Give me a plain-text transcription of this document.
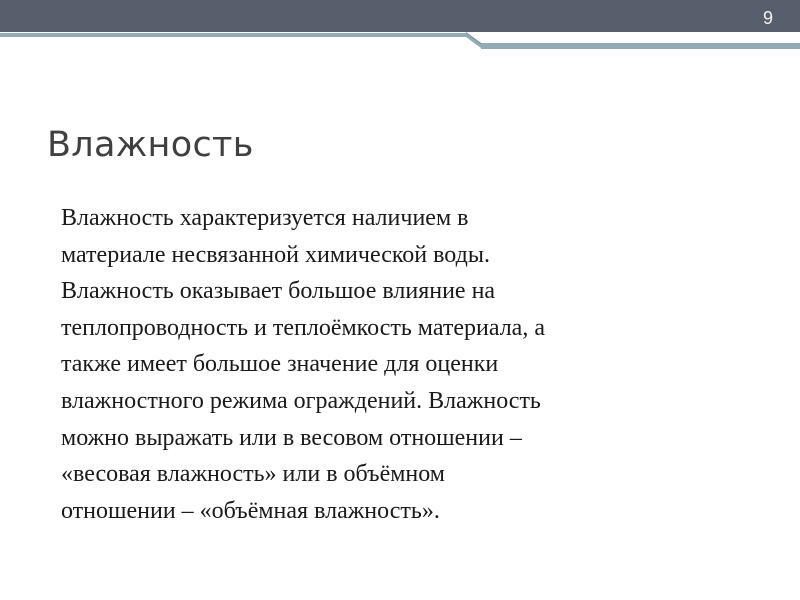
9
Влажность

Влажность характеризуется наличием в
материале несвязанной химической воды.
Влажность оказывает большое влияние на
теплопроводность и теплоёмкость материала, а
также имеет большое значение для оценки
влажностного режима ограждений. Влажность
можно выражать или в весовом отношении –
«весовая влажность» или в объёмном
отношении – «объёмная влажность».
